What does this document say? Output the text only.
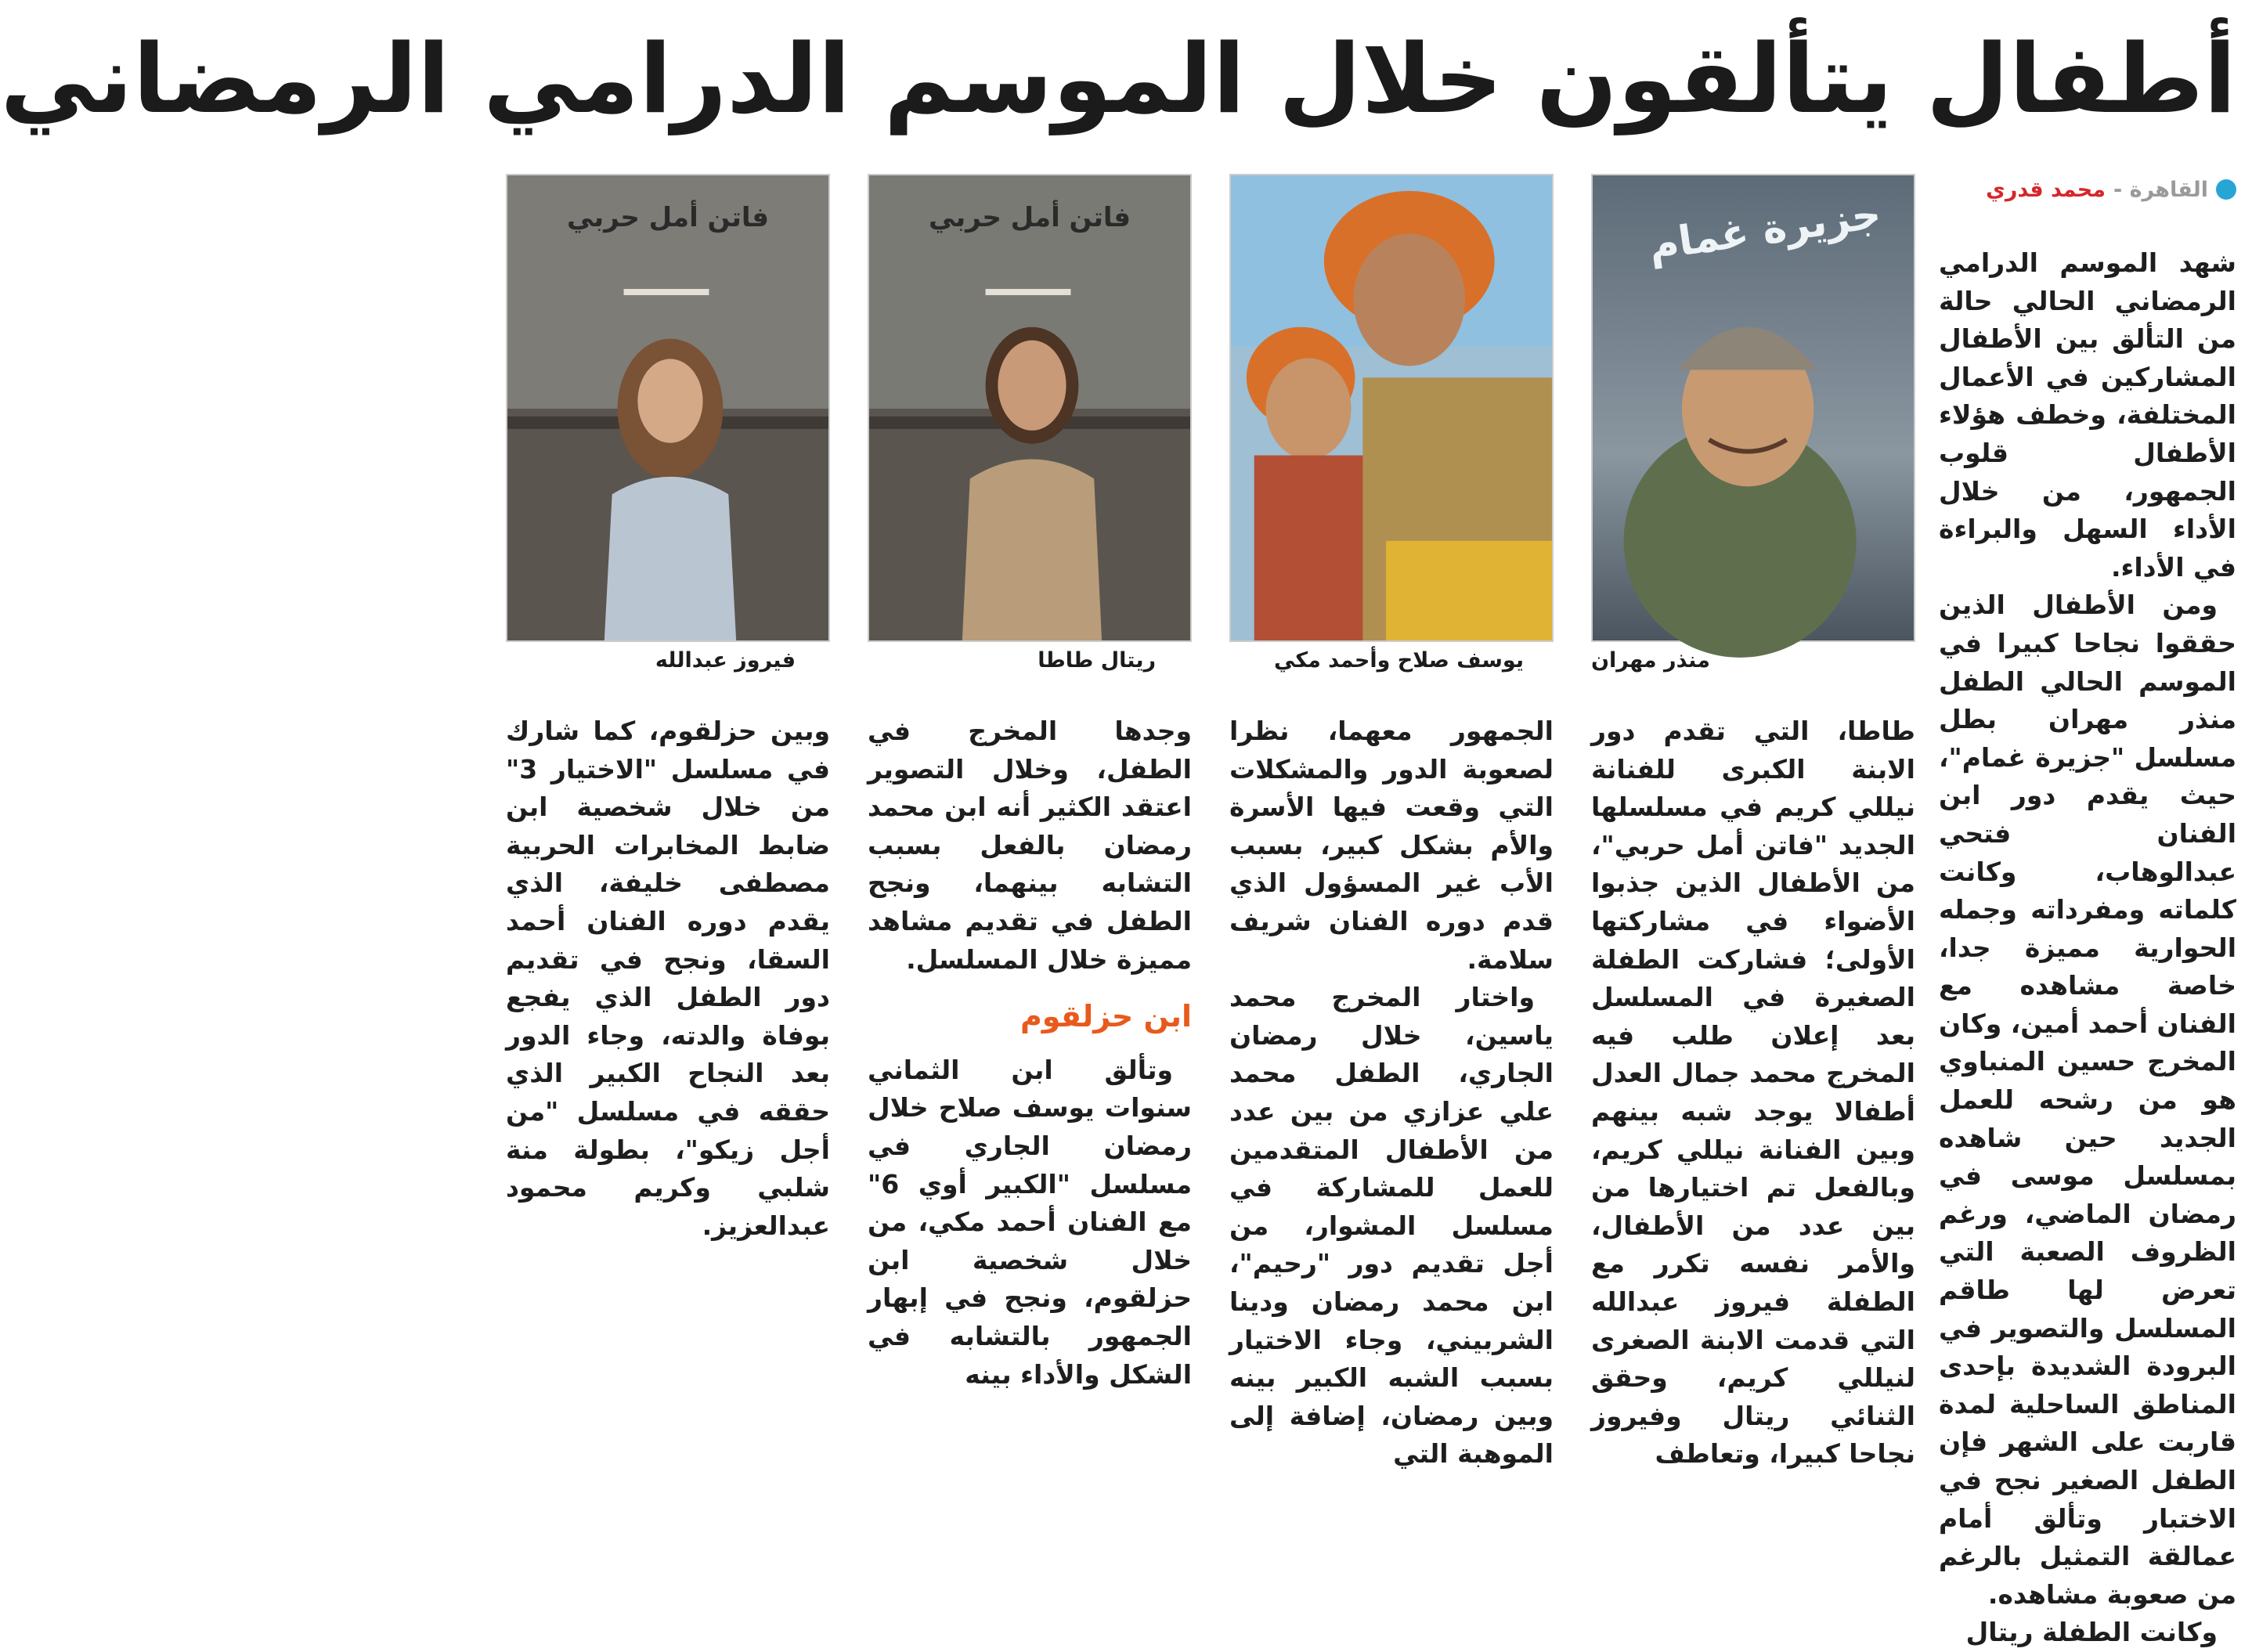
أطفال يتألقون خلال الموسم الدرامي الرمضاني
القاهرة -
محمد قدري

شهد الموسم الدرامي الرمضاني الحالي حالة من التألق بين الأطفال المشاركين في الأعمال المختلفة، وخطف هؤلاء الأطفال قلوب الجمهور، من خلال الأداء السهل والبراءة في الأداء.

ومن الأطفال الذين حققوا نجاحا كبيرا في الموسم الحالي الطفل منذر مهران بطل مسلسل "جزيرة غمام"، حيث يقدم دور ابن الفنان فتحي عبدالوهاب، وكانت كلماته ومفرداته وجمله الحوارية مميزة جدا، خاصة مشاهده مع الفنان أحمد أمين، وكان المخرج حسين المنباوي هو من رشحه للعمل الجديد حين شاهده بمسلسل موسى في رمضان الماضي، ورغم الظروف الصعبة التي تعرض لها طاقم المسلسل والتصوير في البرودة الشديدة بإحدى المناطق الساحلية لمدة قاربت على الشهر فإن الطفل الصغير نجح في الاختبار وتألق أمام عمالقة التمثيل بالرغم من صعوبة مشاهده.

وكانت الطفلة ريتال

جزيرة غمام
فاتن أمل حربي
فاتن أمل حربي
منذر مهران
يوسف صلاح وأحمد مكي
ريتال طاطا
فيروز عبدالله

طاطا، التي تقدم دور الابنة الكبرى للفنانة نيللي كريم في مسلسلها الجديد "فاتن أمل حربي"، من الأطفال الذين جذبوا الأضواء في مشاركتها الأولى؛ فشاركت الطفلة الصغيرة في المسلسل بعد إعلان طلب فيه المخرج محمد جمال العدل أطفالا يوجد شبه بينهم وبين الفنانة نيللي كريم، وبالفعل تم اختيارها من بين عدد من الأطفال، والأمر نفسه تكرر مع الطفلة فيروز عبدالله التي قدمت الابنة الصغرى لنيللي كريم، وحقق الثنائي ريتال وفيروز نجاحا كبيرا، وتعاطف

الجمهور معهما، نظرا لصعوبة الدور والمشكلات التي وقعت فيها الأسرة والأم بشكل كبير، بسبب الأب غير المسؤول الذي قدم دوره الفنان شريف سلامة.

واختار المخرج محمد ياسين، خلال رمضان الجاري، الطفل محمد علي عزازي من بين عدد من الأطفال المتقدمين للعمل للمشاركة في مسلسل المشوار، من أجل تقديم دور "رحيم"، ابن محمد رمضان ودينا الشربيني، وجاء الاختيار بسبب الشبه الكبير بينه وبين رمضان، إضافة إلى الموهبة التي

وجدها المخرج في الطفل، وخلال التصوير اعتقد الكثير أنه ابن محمد رمضان بالفعل بسبب التشابه بينهما، ونجح الطفل في تقديم مشاهد مميزة خلال المسلسل.

ابن حزلقوم

وتألق ابن الثماني سنوات يوسف صلاح خلال رمضان الجاري في مسلسل "الكبير أوي 6" مع الفنان أحمد مكي، من خلال شخصية ابن حزلقوم، ونجح في إبهار الجمهور بالتشابه في الشكل والأداء بينه

وبين حزلقوم، كما شارك في مسلسل "الاختيار 3" من خلال شخصية ابن ضابط المخابرات الحربية مصطفى خليفة، الذي يقدم دوره الفنان أحمد السقا، ونجح في تقديم دور الطفل الذي يفجع بوفاة والدته، وجاء الدور بعد النجاح الكبير الذي حققه في مسلسل "من أجل زيكو"، بطولة منة شلبي وكريم محمود عبدالعزيز.
